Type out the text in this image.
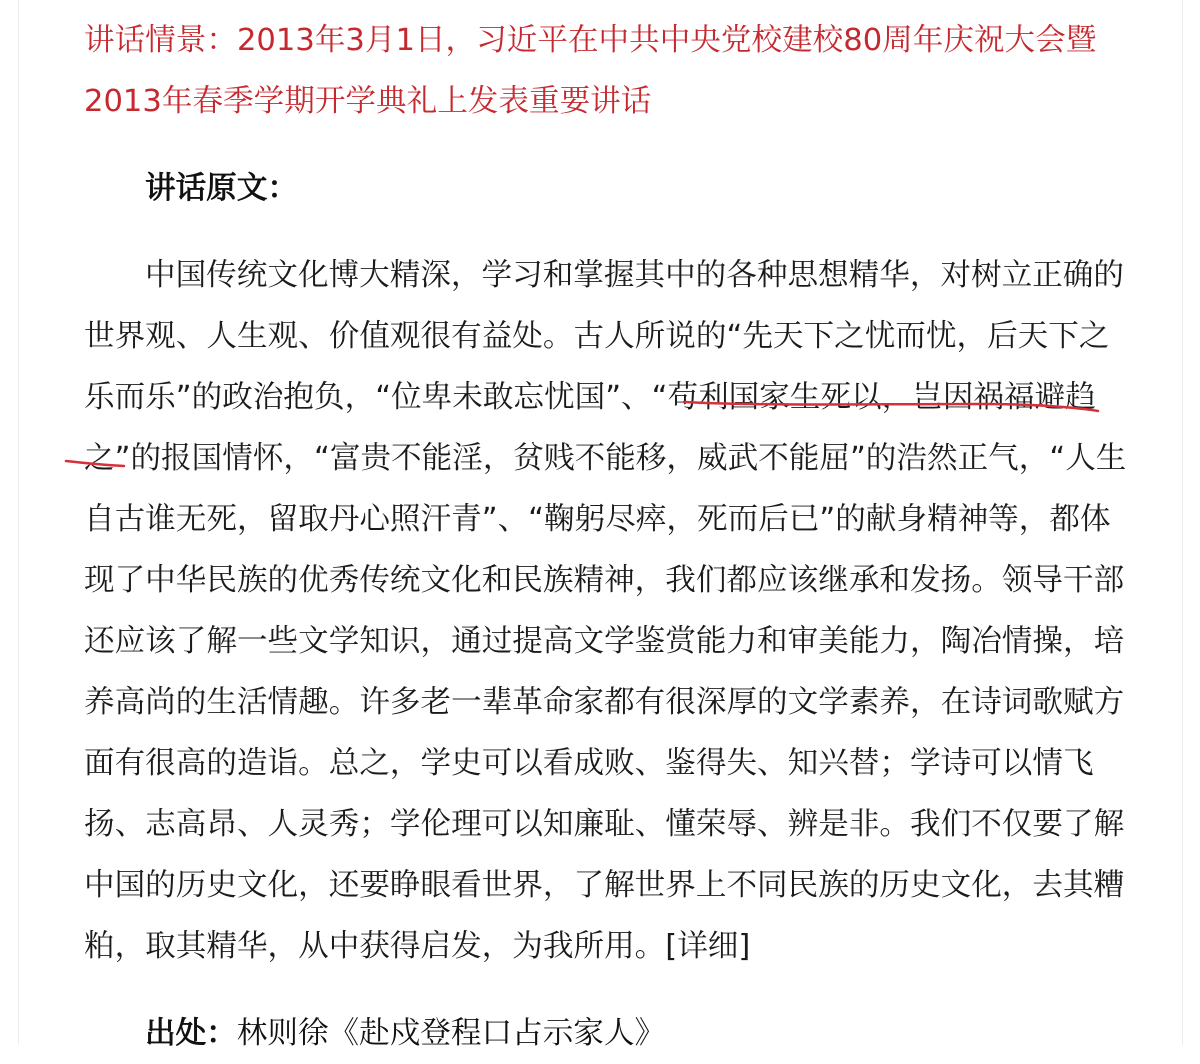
讲话情景：2013年3月1日，习近平在中共中央党校建校80周年庆祝大会暨2013年春季学期开学典礼上发表重要讲话

讲话原文：

中国传统文化博大精深，学习和掌握其中的各种思想精华，对树立正确的世界观、人生观、价值观很有益处。古人所说的“先天下之忧而忧，后天下之乐而乐”的政治抱负，“位卑未敢忘忧国”、“苟利国家生死以，岂因祸福避趋之”的报国情怀，“富贵不能淫，贫贱不能移，威武不能屈”的浩然正气，“人生自古谁无死，留取丹心照汗青”、“鞠躬尽瘁，死而后已”的献身精神等，都体现了中华民族的优秀传统文化和民族精神，我们都应该继承和发扬。领导干部还应该了解一些文学知识，通过提高文学鉴赏能力和审美能力，陶冶情操，培养高尚的生活情趣。许多老一辈革命家都有很深厚的文学素养，在诗词歌赋方面有很高的造诣。总之，学史可以看成败、鉴得失、知兴替；学诗可以情飞扬、志高昂、人灵秀；学伦理可以知廉耻、懂荣辱、辨是非。我们不仅要了解中国的历史文化，还要睁眼看世界，了解世界上不同民族的历史文化，去其糟粕，取其精华，从中获得启发，为我所用。[详细]

出处：林则徐《赴戍登程口占示家人》
